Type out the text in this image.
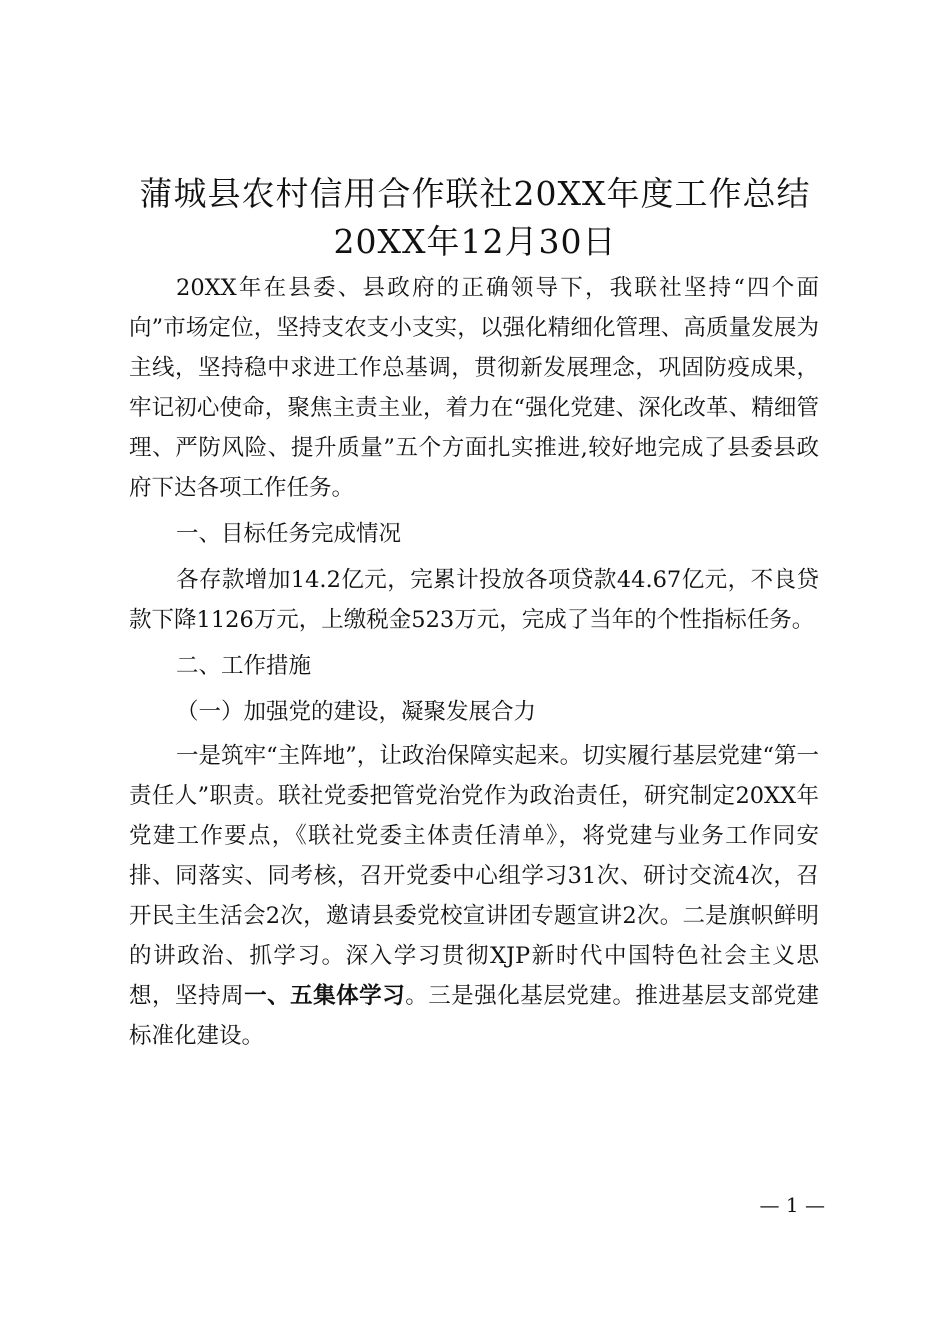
蒲城县农村信用合作联社20XX年度工作总结
20XX年12月30日

20XX年在县委、县政府的正确领导下，我联社坚持“四个面向”市场定位，坚持支农支小支实，以强化精细化管理、高质量发展为主线，坚持稳中求进工作总基调，贯彻新发展理念，巩固防疫成果，牢记初心使命，聚焦主责主业，着力在“强化党建、深化改革、精细管理、严防风险、提升质量”五个方面扎实推进,较好地完成了县委县政府下达各项工作任务。

一、目标任务完成情况

各存款增加14.2亿元，完累计投放各项贷款44.67亿元，不良贷款下降1126万元，上缴税金523万元，完成了当年的个性指标任务。

二、工作措施

（一）加强党的建设，凝聚发展合力

一是筑牢“主阵地”，让政治保障实起来。切实履行基层党建“第一责任人”职责。联社党委把管党治党作为政治责任，研究制定20XX年党建工作要点，《联社党委主体责任清单》，将党建与业务工作同安排、同落实、同考核，召开党委中心组学习31次、研讨交流4次，召开民主生活会2次，邀请县委党校宣讲团专题宣讲2次。二是旗帜鲜明的讲政治、抓学习。深入学习贯彻XJP新时代中国特色社会主义思想，坚持周一、五集体学习。三是强化基层党建。推进基层支部党建标准化建设。

— 1 —
